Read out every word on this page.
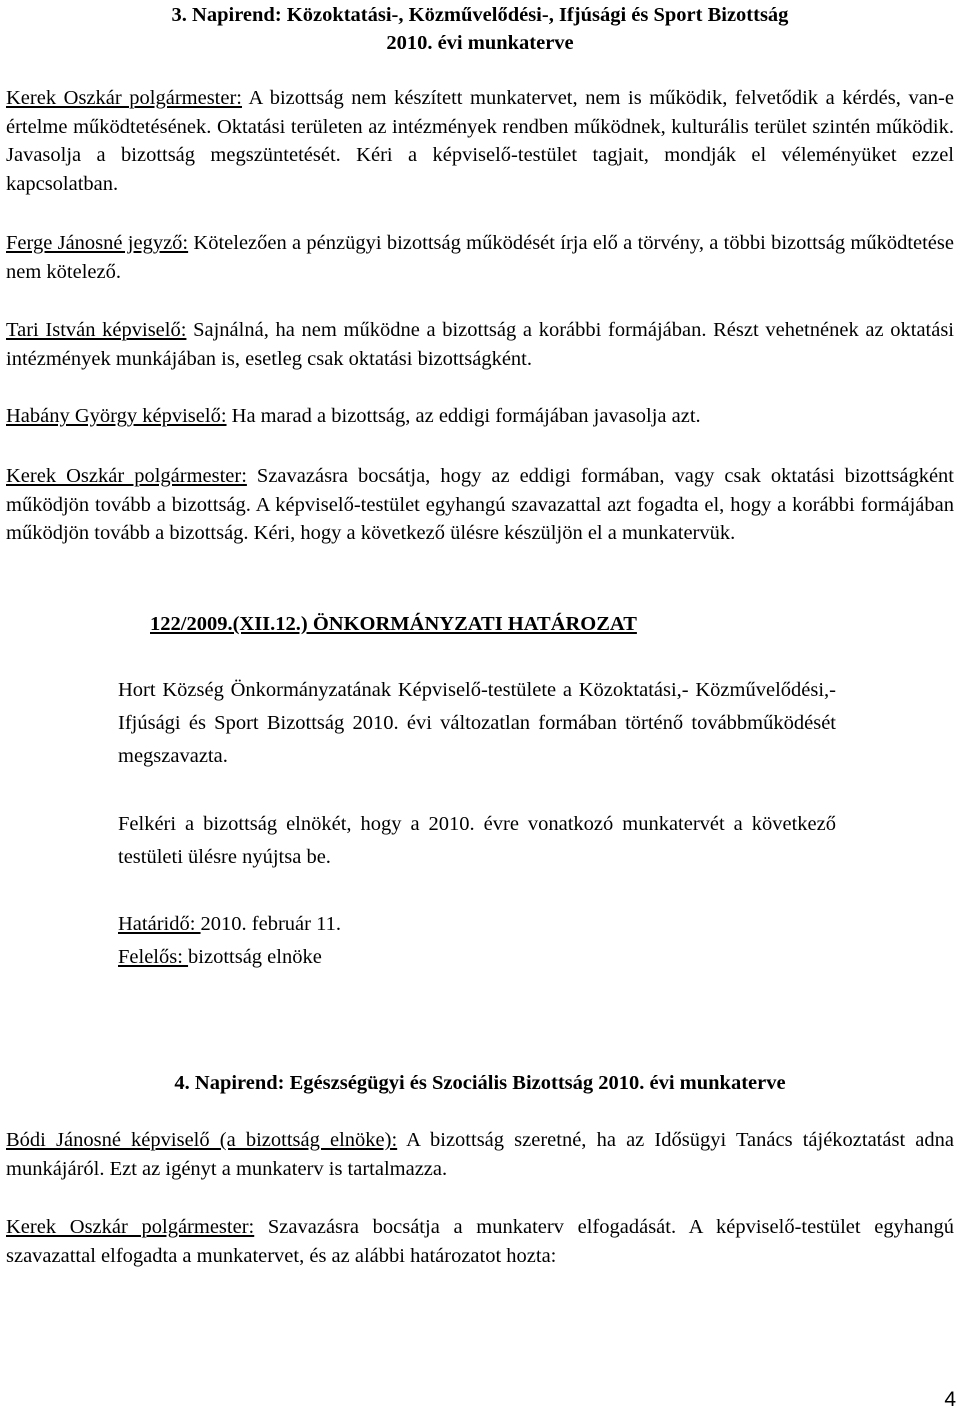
3. Napirend: Közoktatási-, Közművelődési-, Ifjúsági és Sport Bizottság

2010. évi munkaterve

Kerek Oszkár polgármester: A bizottság nem készített munkatervet, nem is működik, felvetődik a kérdés, van-e értelme működtetésének. Oktatási területen az intézmények rendben működnek, kulturális terület szintén működik. Javasolja a bizottság megszüntetését. Kéri a képviselő-testület tagjait, mondják el véleményüket ezzel kapcsolatban.

Ferge Jánosné jegyző: Kötelezően a pénzügyi bizottság működését írja elő a törvény, a többi bizottság működtetése nem kötelező.

Tari István képviselő: Sajnálná, ha nem működne a bizottság a korábbi formájában. Részt vehetnének az oktatási intézmények munkájában is, esetleg csak oktatási bizottságként.

Habány György képviselő: Ha marad a bizottság, az eddigi formájában javasolja azt.

Kerek Oszkár polgármester: Szavazásra bocsátja, hogy az eddigi formában, vagy csak oktatási bizottságként működjön tovább a bizottság. A képviselő-testület egyhangú szavazattal azt fogadta el, hogy a korábbi formájában működjön tovább a bizottság. Kéri, hogy a következő ülésre készüljön el a munkatervük.

122/2009.(XII.12.) ÖNKORMÁNYZATI HATÁROZAT

Hort Község Önkormányzatának Képviselő-testülete a Közoktatási,- Közművelődési,- Ifjúsági és Sport Bizottság 2010. évi változatlan formában történő továbbműködését megszavazta.

Felkéri a bizottság elnökét, hogy a 2010. évre vonatkozó munkatervét a következő testületi ülésre nyújtsa be.

Határidő: 2010. február 11.

Felelős: bizottság elnöke

4. Napirend: Egészségügyi és Szociális Bizottság 2010. évi munkaterve

Bódi Jánosné képviselő (a bizottság elnöke): A bizottság szeretné, ha az Idősügyi Tanács tájékoztatást adna munkájáról. Ezt az igényt a munkaterv is tartalmazza.

Kerek Oszkár polgármester: Szavazásra bocsátja a munkaterv elfogadását. A képviselő-testület egyhangú szavazattal elfogadta a munkatervet, és az alábbi határozatot hozta:

4
